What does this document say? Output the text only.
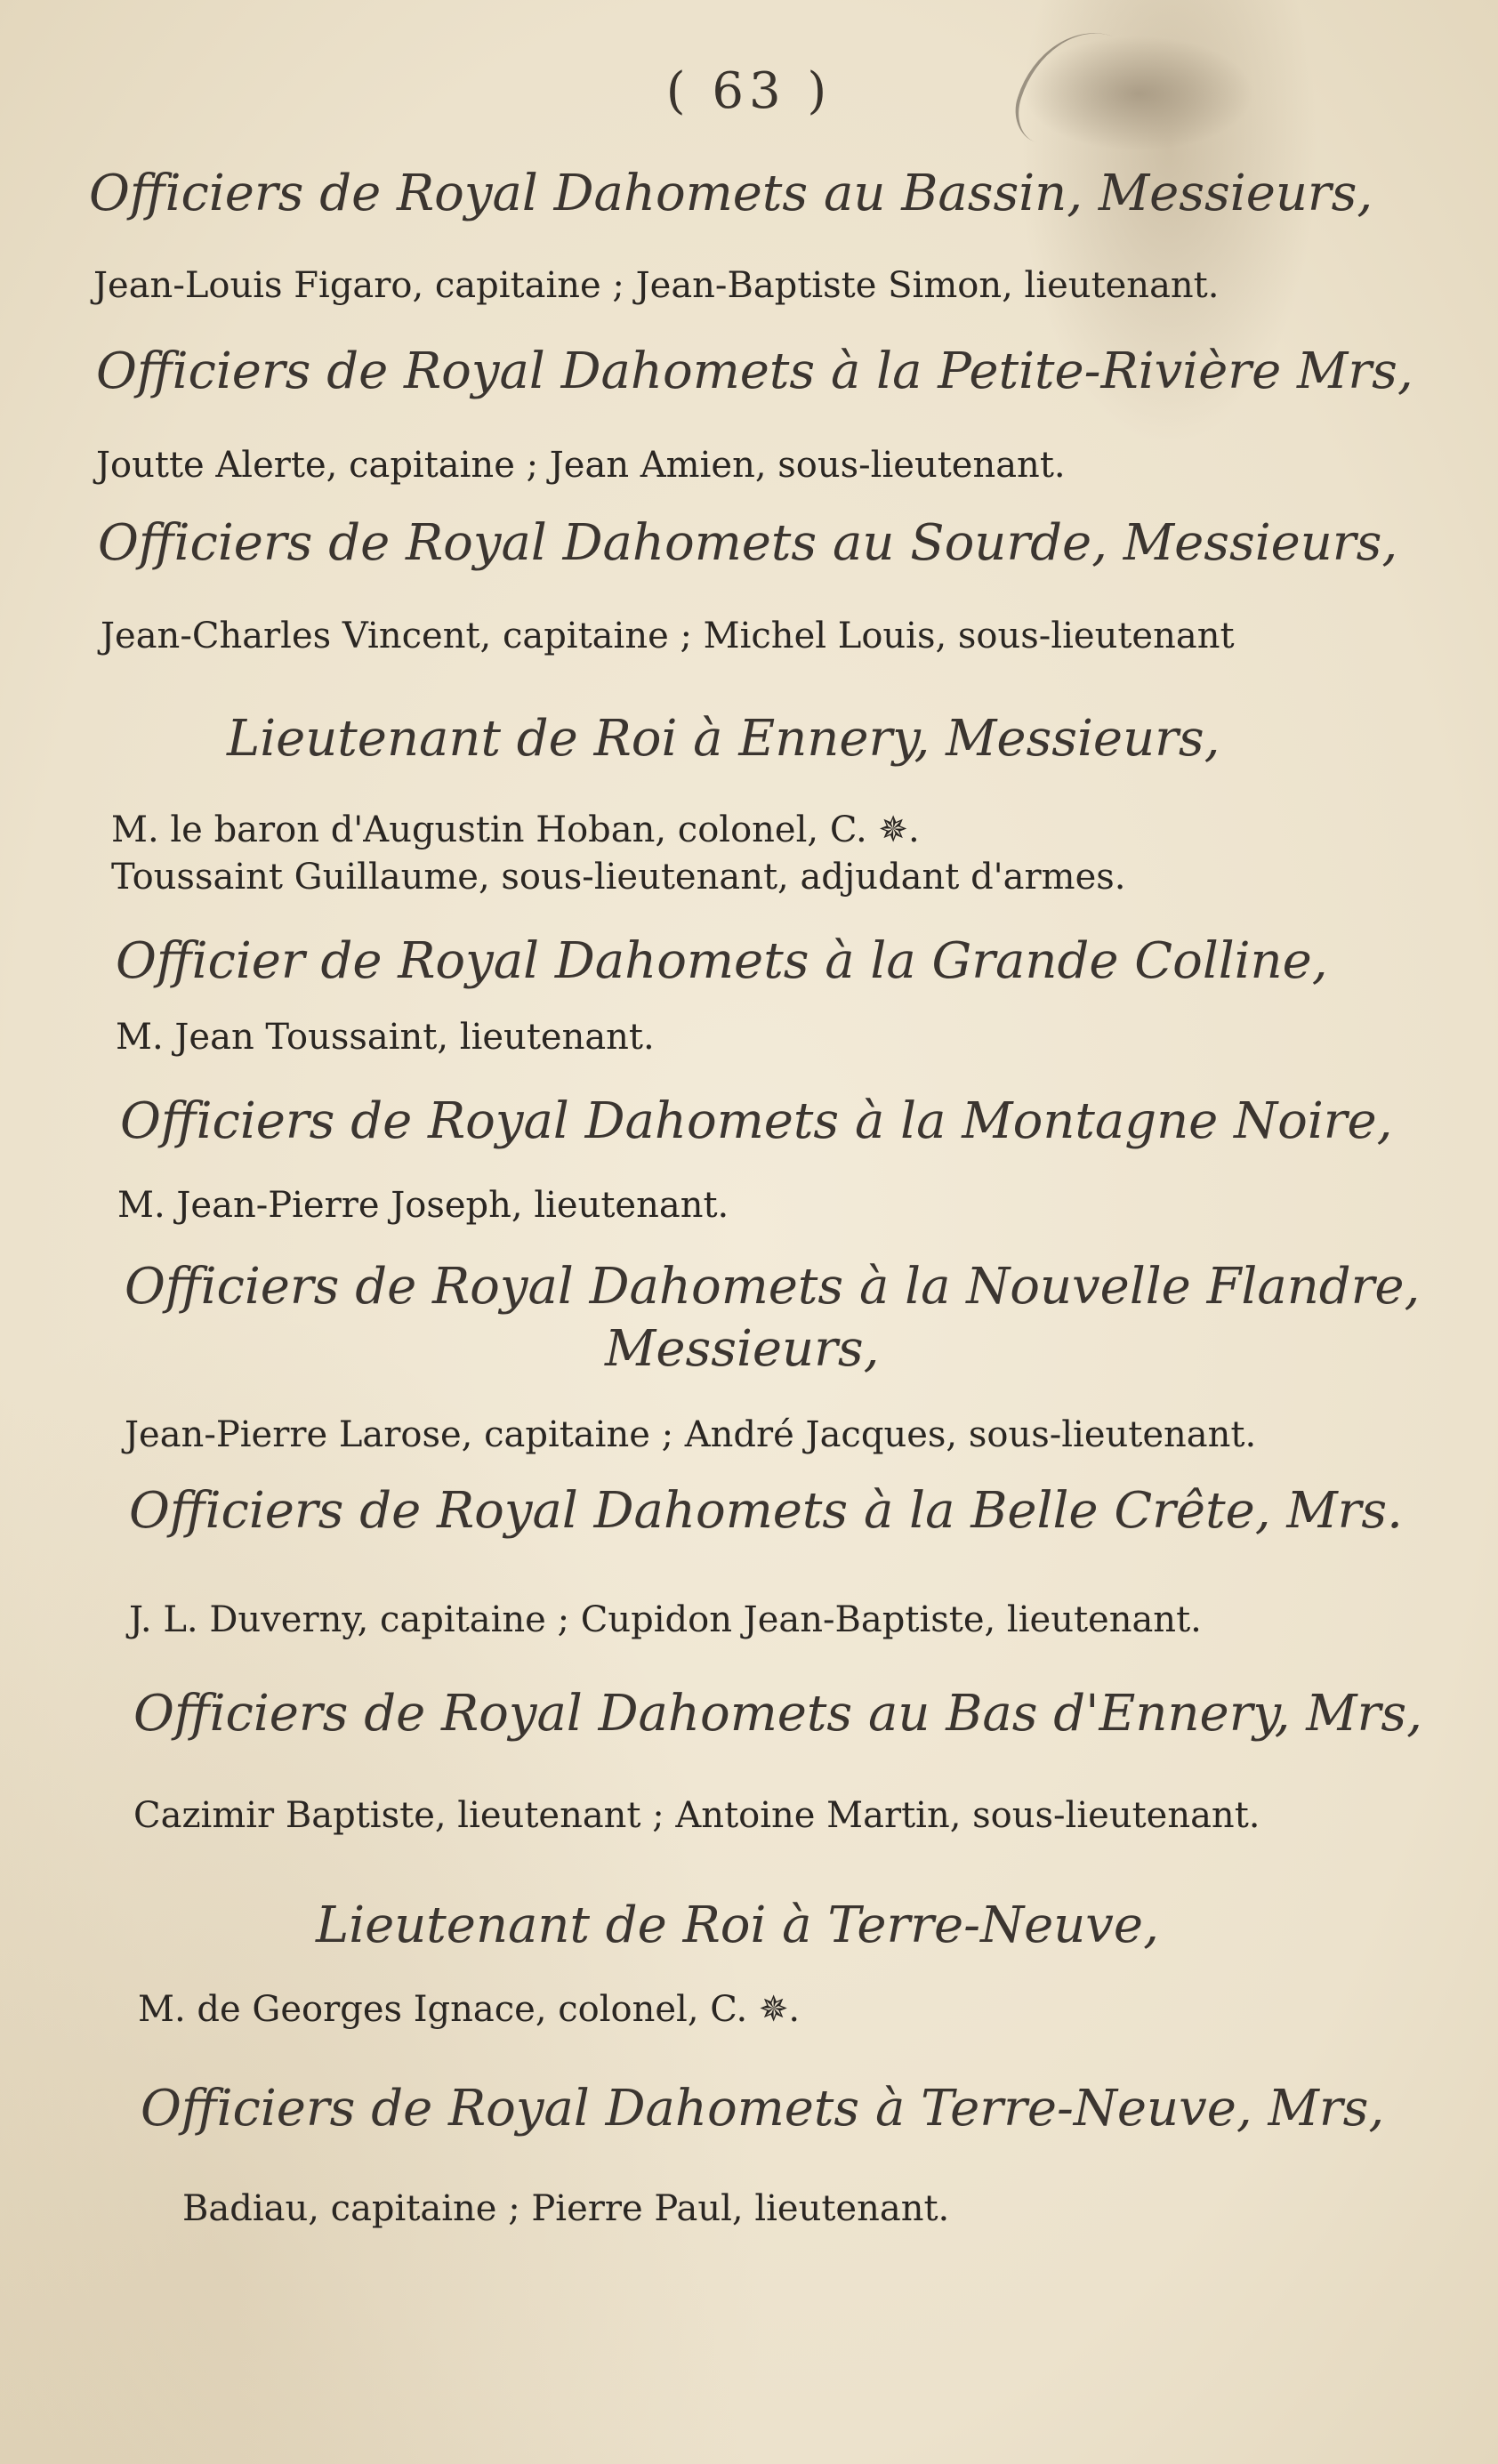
( 63 )
Officiers de Royal Dahomets au Bassin, Messieurs,
Jean-Louis Figaro, capitaine ; Jean-Baptiste Simon, lieutenant.
Officiers de Royal Dahomets à la Petite-Rivière Mrs,
Joutte Alerte, capitaine ; Jean Amien, sous-lieutenant.
Officiers de Royal Dahomets au Sourde, Messieurs,
Jean-Charles Vincent, capitaine ; Michel Louis, sous-lieutenant
Lieutenant de Roi à Ennery, Messieurs,
M. le baron d'Augustin Hoban, colonel, C. ✵.
Toussaint Guillaume, sous-lieutenant, adjudant d'armes.
Officier de Royal Dahomets à la Grande Colline,
M. Jean Toussaint, lieutenant.
Officiers de Royal Dahomets à la Montagne Noire,
M. Jean-Pierre Joseph, lieutenant.
Officiers de Royal Dahomets à la Nouvelle Flandre,
Messieurs,
Jean-Pierre Larose, capitaine ; André Jacques, sous-lieutenant.
Officiers de Royal Dahomets à la Belle Crête, Mrs.
J. L. Duverny, capitaine ; Cupidon Jean-Baptiste, lieutenant.
Officiers de Royal Dahomets au Bas d'Ennery, Mrs,
Cazimir Baptiste, lieutenant ; Antoine Martin, sous-lieutenant.
Lieutenant de Roi à Terre-Neuve,
M. de Georges Ignace, colonel, C. ✵.
Officiers de Royal Dahomets à Terre-Neuve, Mrs,
Badiau, capitaine ; Pierre Paul, lieutenant.
